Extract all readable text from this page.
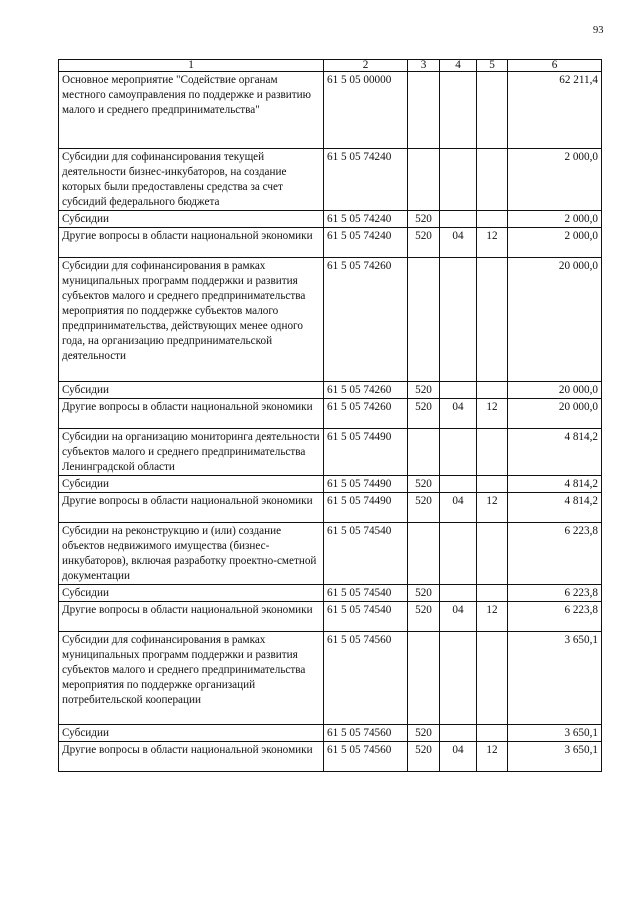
93
1	2	3	4	5	6
Основное мероприятие "Содействие органам местного самоуправления по поддержке и развитию малого и среднего предпринимательства"	61 5 05 00000				62 211,4
Субсидии для софинансирования текущей деятельности бизнес-инкубаторов, на создание которых были предоставлены средства за счет субсидий федерального бюджета	61 5 05 74240				2 000,0
Субсидии	61 5 05 74240	520			2 000,0
Другие вопросы в области национальной экономики	61 5 05 74240	520	04	12	2 000,0
Субсидии для софинансирования в рамках муниципальных программ поддержки и развития субъектов малого и среднего предпринимательства мероприятия по поддержке субъектов малого предпринимательства, действующих менее одного года, на организацию предпринимательской деятельности	61 5 05 74260				20 000,0
Субсидии	61 5 05 74260	520			20 000,0
Другие вопросы в области национальной экономики	61 5 05 74260	520	04	12	20 000,0
Субсидии на организацию мониторинга деятельности субъектов малого и среднего предпринимательства Ленинградской области	61 5 05 74490				4 814,2
Субсидии	61 5 05 74490	520			4 814,2
Другие вопросы в области национальной экономики	61 5 05 74490	520	04	12	4 814,2
Субсидии на реконструкцию и (или) создание объектов недвижимого имущества (бизнес-инкубаторов), включая разработку проектно-сметной документации	61 5 05 74540				6 223,8
Субсидии	61 5 05 74540	520			6 223,8
Другие вопросы в области национальной экономики	61 5 05 74540	520	04	12	6 223,8
Субсидии для софинансирования в рамках муниципальных программ поддержки и развития субъектов малого и среднего предпринимательства мероприятия по поддержке организаций потребительской кооперации	61 5 05 74560				3 650,1
Субсидии	61 5 05 74560	520			3 650,1
Другие вопросы в области национальной экономики	61 5 05 74560	520	04	12	3 650,1
